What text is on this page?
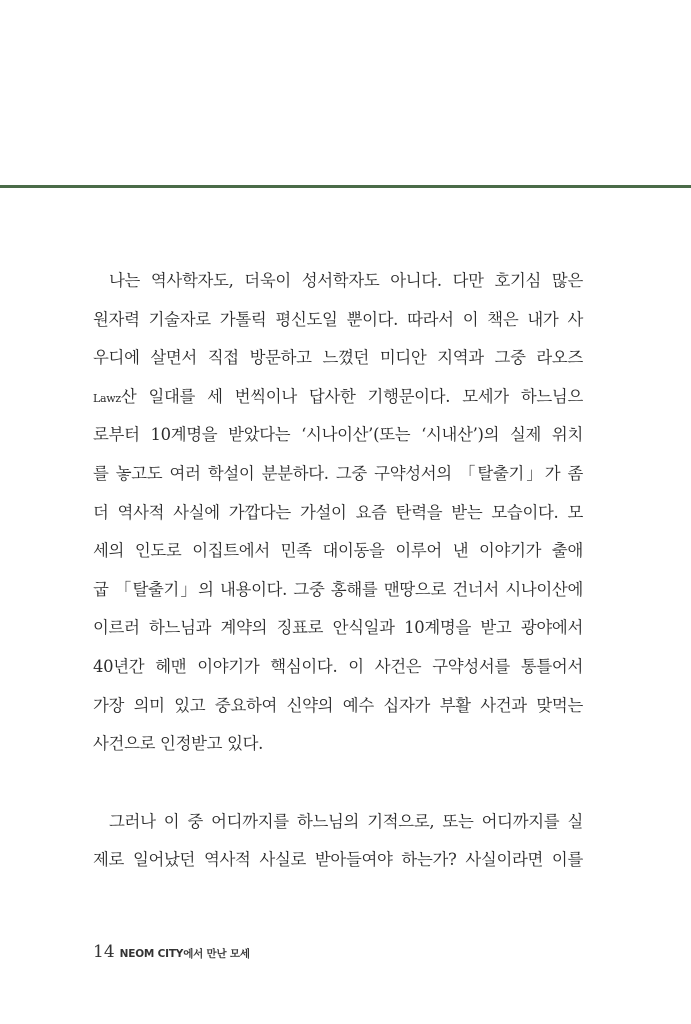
나는 역사학자도, 더욱이 성서학자도 아니다. 다만 호기심 많은
원자력 기술자로 가톨릭 평신도일 뿐이다. 따라서 이 책은 내가 사
우디에 살면서 직접 방문하고 느꼈던 미디안 지역과 그중 라오즈
Lawz산 일대를 세 번씩이나 답사한 기행문이다. 모세가 하느님으
로부터 10계명을 받았다는 ‘시나이산’(또는 ‘시내산’)의 실제 위치
를 놓고도 여러 학설이 분분하다. 그중 구약성서의 「탈출기」가 좀
더 역사적 사실에 가깝다는 가설이 요즘 탄력을 받는 모습이다. 모
세의 인도로 이집트에서 민족 대이동을 이루어 낸 이야기가 출애
굽 「탈출기」의 내용이다. 그중 홍해를 맨땅으로 건너서 시나이산에
이르러 하느님과 계약의 징표로 안식일과 10계명을 받고 광야에서
40년간 헤맨 이야기가 핵심이다. 이 사건은 구약성서를 통틀어서
가장 의미 있고 중요하여 신약의 예수 십자가 부활 사건과 맞먹는
사건으로 인정받고 있다.
그러나 이 중 어디까지를 하느님의 기적으로, 또는 어디까지를 실
제로 일어났던 역사적 사실로 받아들여야 하는가? 사실이라면 이를
14 NEOM CITY에서 만난 모세
